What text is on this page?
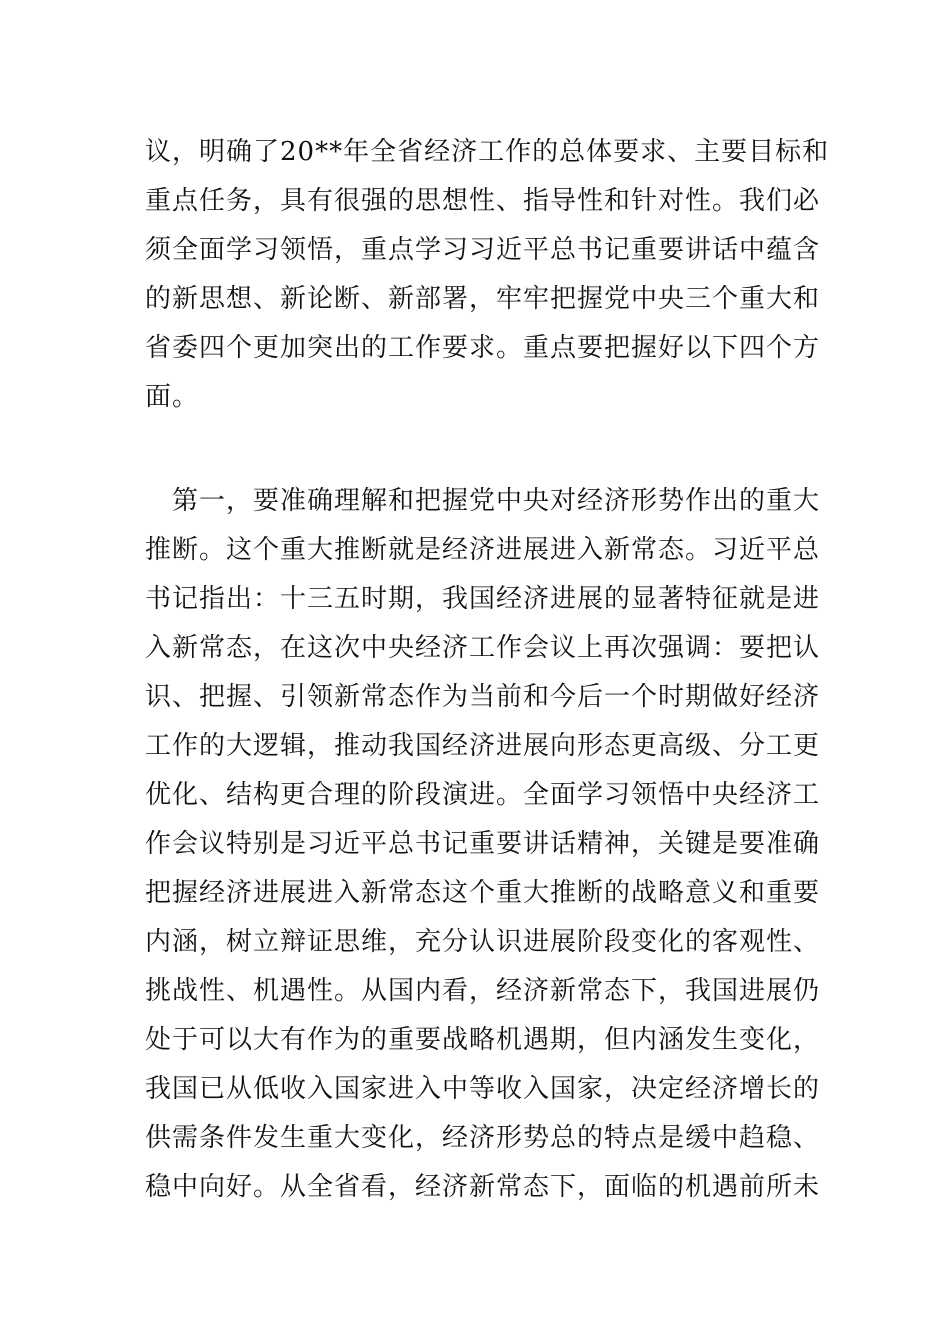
议，明确了20**年全省经济工作的总体要求、主要目标和
重点任务，具有很强的思想性、指导性和针对性。我们必
须全面学习领悟，重点学习习近平总书记重要讲话中蕴含
的新思想、新论断、新部署，牢牢把握党中央三个重大和
省委四个更加突出的工作要求。重点要把握好以下四个方
面。

　第一，要准确理解和把握党中央对经济形势作出的重大
推断。这个重大推断就是经济进展进入新常态。习近平总
书记指出：十三五时期，我国经济进展的显著特征就是进
入新常态，在这次中央经济工作会议上再次强调：要把认
识、把握、引领新常态作为当前和今后一个时期做好经济
工作的大逻辑，推动我国经济进展向形态更高级、分工更
优化、结构更合理的阶段演进。全面学习领悟中央经济工
作会议特别是习近平总书记重要讲话精神，关键是要准确
把握经济进展进入新常态这个重大推断的战略意义和重要
内涵，树立辩证思维，充分认识进展阶段变化的客观性、
挑战性、机遇性。从国内看，经济新常态下，我国进展仍
处于可以大有作为的重要战略机遇期，但内涵发生变化，
我国已从低收入国家进入中等收入国家，决定经济增长的
供需条件发生重大变化，经济形势总的特点是缓中趋稳、
稳中向好。从全省看，经济新常态下，面临的机遇前所未
